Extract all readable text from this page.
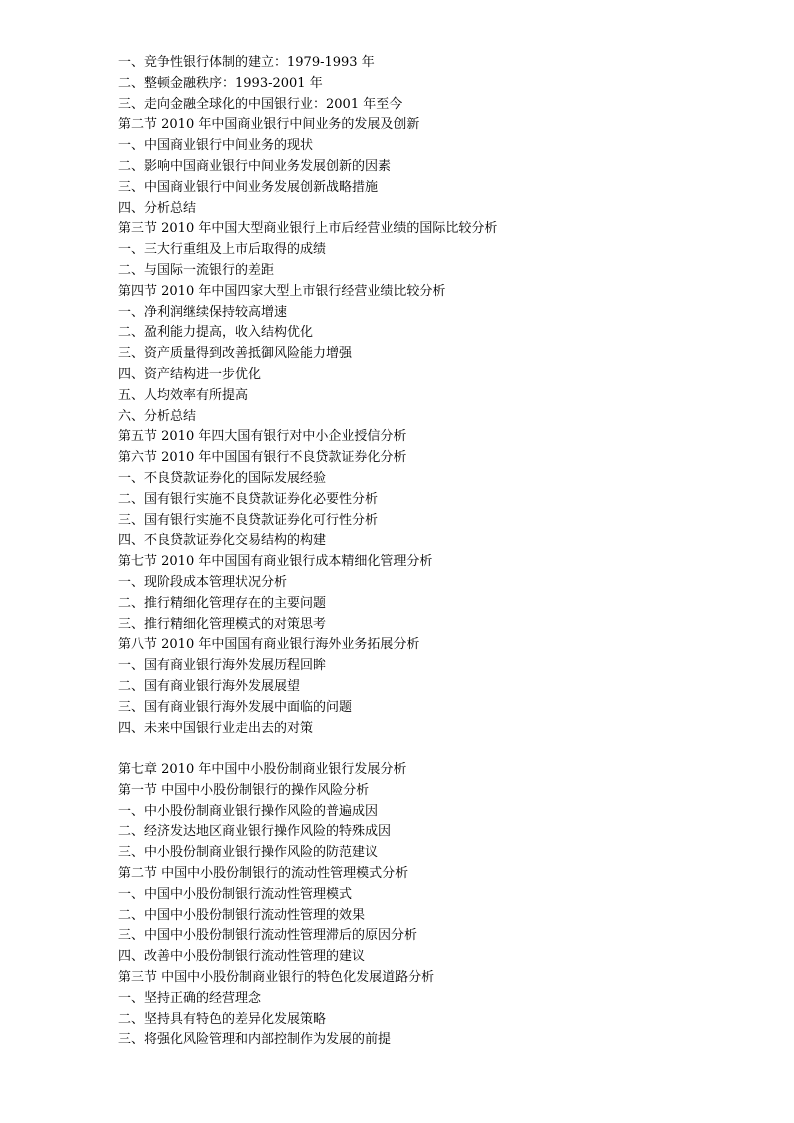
一、竞争性银行体制的建立：1979-1993 年
二、整顿金融秩序：1993-2001 年
三、走向金融全球化的中国银行业：2001 年至今
第二节 2010 年中国商业银行中间业务的发展及创新
一、中国商业银行中间业务的现状
二、影响中国商业银行中间业务发展创新的因素
三、中国商业银行中间业务发展创新战略措施
四、分析总结
第三节 2010 年中国大型商业银行上市后经营业绩的国际比较分析
一、三大行重组及上市后取得的成绩
二、与国际一流银行的差距
第四节 2010 年中国四家大型上市银行经营业绩比较分析
一、净利润继续保持较高增速
二、盈利能力提高，收入结构优化
三、资产质量得到改善抵御风险能力增强
四、资产结构进一步优化
五、人均效率有所提高
六、分析总结
第五节 2010 年四大国有银行对中小企业授信分析
第六节 2010 年中国国有银行不良贷款证券化分析
一、不良贷款证券化的国际发展经验
二、国有银行实施不良贷款证券化必要性分析
三、国有银行实施不良贷款证券化可行性分析
四、不良贷款证券化交易结构的构建
第七节 2010 年中国国有商业银行成本精细化管理分析
一、现阶段成本管理状况分析
二、推行精细化管理存在的主要问题
三、推行精细化管理模式的对策思考
第八节 2010 年中国国有商业银行海外业务拓展分析
一、国有商业银行海外发展历程回眸
二、国有商业银行海外发展展望
三、国有商业银行海外发展中面临的问题
四、未来中国银行业走出去的对策
第七章 2010 年中国中小股份制商业银行发展分析
第一节 中国中小股份制银行的操作风险分析
一、中小股份制商业银行操作风险的普遍成因
二、经济发达地区商业银行操作风险的特殊成因
三、中小股份制商业银行操作风险的防范建议
第二节 中国中小股份制银行的流动性管理模式分析
一、中国中小股份制银行流动性管理模式
二、中国中小股份制银行流动性管理的效果
三、中国中小股份制银行流动性管理滞后的原因分析
四、改善中小股份制银行流动性管理的建议
第三节 中国中小股份制商业银行的特色化发展道路分析
一、坚持正确的经营理念
二、坚持具有特色的差异化发展策略
三、将强化风险管理和内部控制作为发展的前提
